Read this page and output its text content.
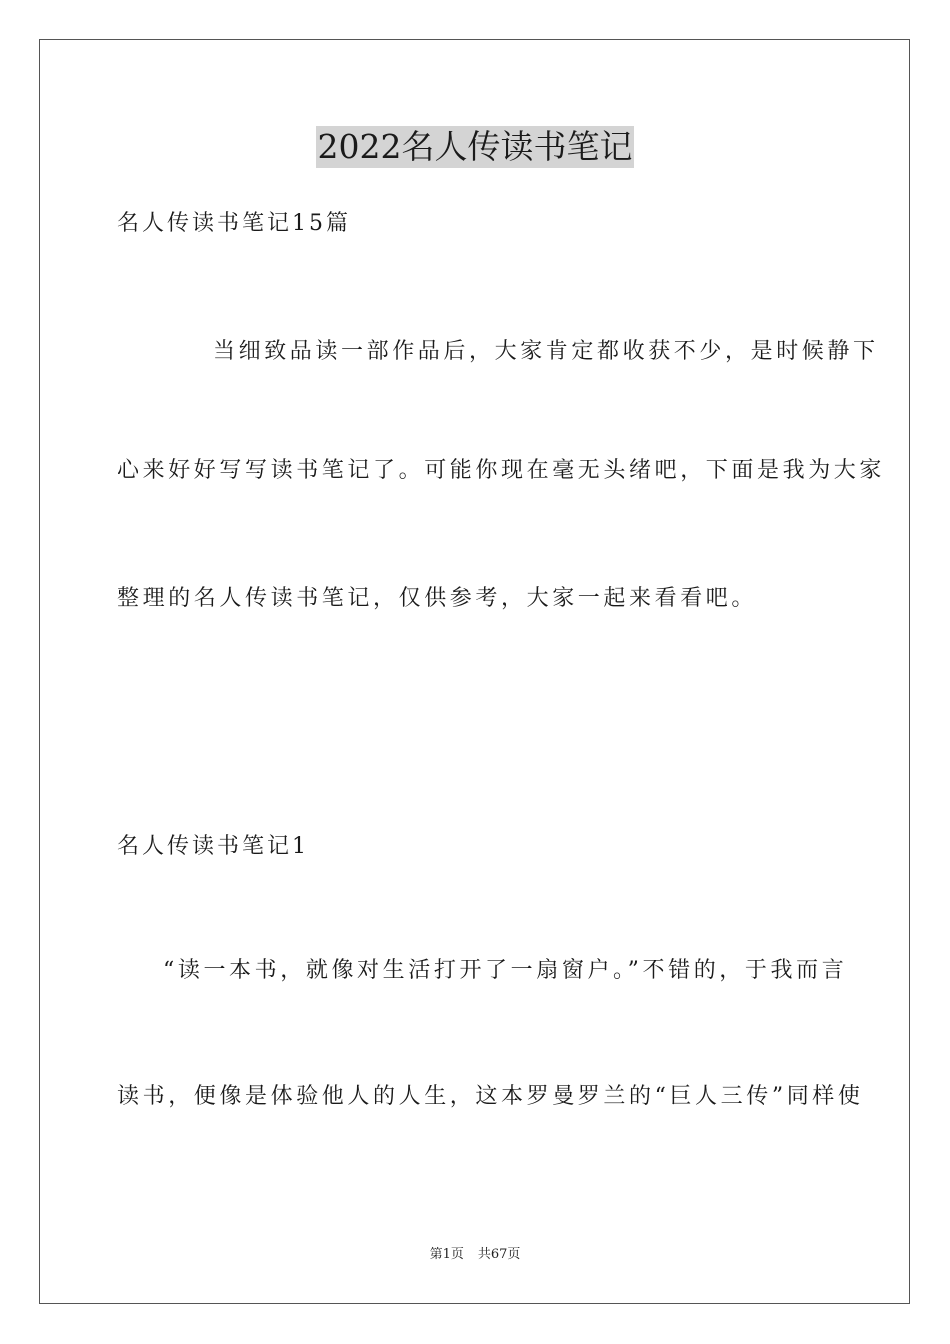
2022名人传读书笔记
名人传读书笔记15篇
当细致品读一部作品后，大家肯定都收获不少，是时候静下
心来好好写写读书笔记了。可能你现在毫无头绪吧，下面是我为大家
整理的名人传读书笔记，仅供参考，大家一起来看看吧。
名人传读书笔记1
“读一本书，就像对生活打开了一扇窗户。”不错的，于我而言
读书，便像是体验他人的人生，这本罗曼罗兰的“巨人三传”同样使
第1页 共67页
